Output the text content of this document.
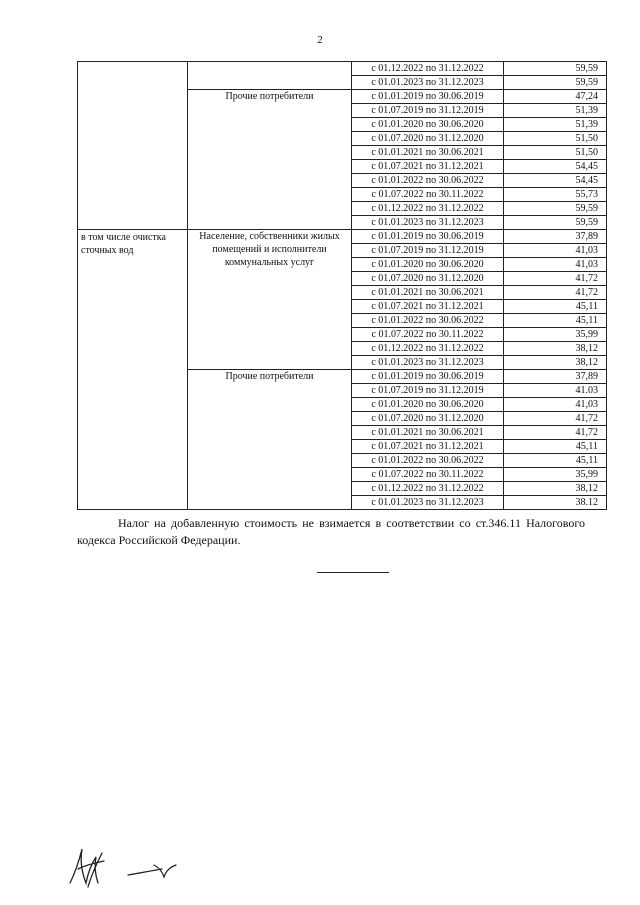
2
		с 01.12.2022 по 31.12.2022	59,59
		с 01.01.2023 по 31.12.2023	59,59
	Прочие потребители	с 01.01.2019 по 30.06.2019	47,24
		с 01.07.2019 по 31.12.2019	51,39
		с 01.01.2020 по 30.06.2020	51,39
		с 01.07.2020 по 31.12.2020	51,50
		с 01.01.2021 по 30.06.2021	51,50
		с 01.07.2021 по 31.12.2021	54,45
		с 01.01.2022 по 30.06.2022	54,45
		с 01.07.2022 по 30.11.2022	55,73
		с 01.12.2022 по 31.12.2022	59,59
		с 01.01.2023 по 31.12.2023	59,59
в том числе очистка сточных вод	Население, собственники жилых помещений и исполнители коммунальных услуг	с 01.01.2019 по 30.06.2019	37,89
		с 01.07.2019 по 31.12.2019	41,03
		с 01.01.2020 по 30.06.2020	41,03
		с 01.07.2020 по 31.12.2020	41,72
		с 01.01.2021 по 30.06.2021	41,72
		с 01.07.2021 по 31.12.2021	45,11
		с 01.01.2022 по 30.06.2022	45,11
		с 01.07.2022 по 30.11.2022	35,99
		с 01.12.2022 по 31.12.2022	38,12
		с 01.01.2023 по 31.12.2023	38,12
	Прочие потребители	с 01.01.2019 по 30.06.2019	37,89
		с 01.07.2019 по 31.12.2019	41.03
		с 01.01.2020 по 30.06.2020	41,03
		с 01.07.2020 по 31.12.2020	41,72
		с 01.01.2021 по 30.06.2021	41,72
		с 01.07.2021 по 31.12.2021	45,11
		с 01.01.2022 по 30.06.2022	45,11
		с 01.07.2022 по 30.11.2022	35,99
		с 01.12.2022 по 31.12.2022	38,12
		с 01.01.2023 по 31.12.2023	38.12

Налог на добавленную стоимость не взимается в соответствии со ст.346.11 Налогового кодекса Российской Федерации.
